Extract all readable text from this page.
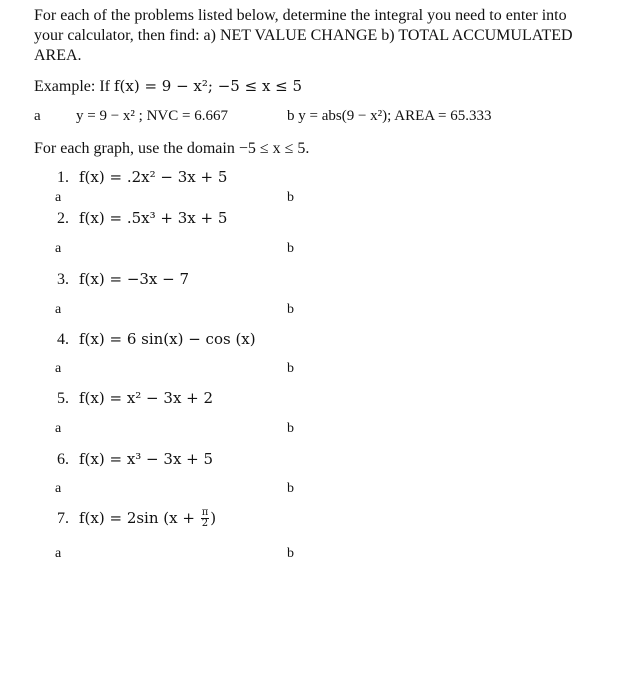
For each of the problems listed below, determine the integral you need to enter into your calculator, then find: a) NET VALUE CHANGE b) TOTAL ACCUMULATED AREA.
Example: If f(x) = 9 − x²; −5 ≤ x ≤ 5
a y = 9 − x² ; NVC = 6.667	b y = abs(9 − x²); AREA = 65.333
For each graph, use the domain −5 ≤ x ≤ 5.
1. f(x) = .2x² − 3x + 5
a	b
2. f(x) = .5x³ + 3x + 5
a	b
3. f(x) = −3x − 7
a	b
4. f(x) = 6 sin(x) − cos (x)
a	b
5. f(x) = x² − 3x + 2
a	b
6. f(x) = x³ − 3x + 5
a	b
7. f(x) = 2sin ($x + \frac{\pi}{2}$ )
a	b
